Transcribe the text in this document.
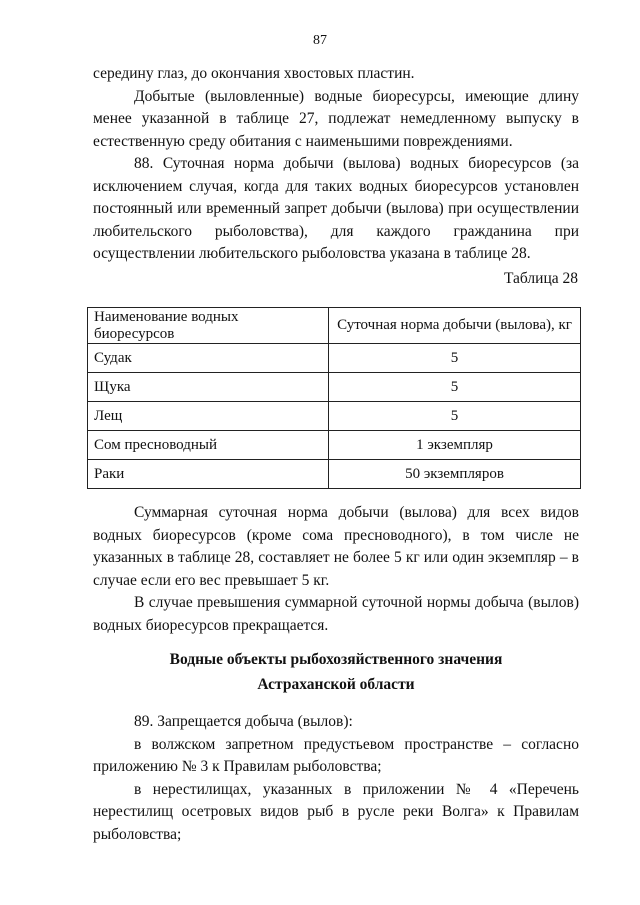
87

середину глаз, до окончания хвостовых пластин.

Добытые (выловленные) водные биоресурсы, имеющие длину менее указанной в таблице 27, подлежат немедленному выпуску в естественную среду обитания с наименьшими повреждениями.

88. Суточная норма добычи (вылова) водных биоресурсов (за исключением случая, когда для таких водных биоресурсов установлен постоянный или временный запрет добычи (вылова) при осуществлении любительского рыболовства), для каждого гражданина при осуществлении любительского рыболовства указана в таблице 28.

Таблица 28
Наименование водных биоресурсов	Суточная норма добычи (вылова), кг
Судак	5
Щука	5
Лещ	5
Сом пресноводный	1 экземпляр
Раки	50 экземпляров

Суммарная суточная норма добычи (вылова) для всех видов водных биоресурсов (кроме сома пресноводного), в том числе не указанных в таблице 28, составляет не более 5 кг или один экземпляр – в случае если его вес превышает 5 кг.

В случае превышения суммарной суточной нормы добыча (вылов) водных биоресурсов прекращается.

Водные объекты рыбохозяйственного значения
Астраханской области

89. Запрещается добыча (вылов):

в волжском запретном предустьевом пространстве – согласно приложению № 3 к Правилам рыболовства;

в нерестилищах, указанных в приложении № 4 «Перечень нерестилищ осетровых видов рыб в русле реки Волга» к Правилам рыболовства;
